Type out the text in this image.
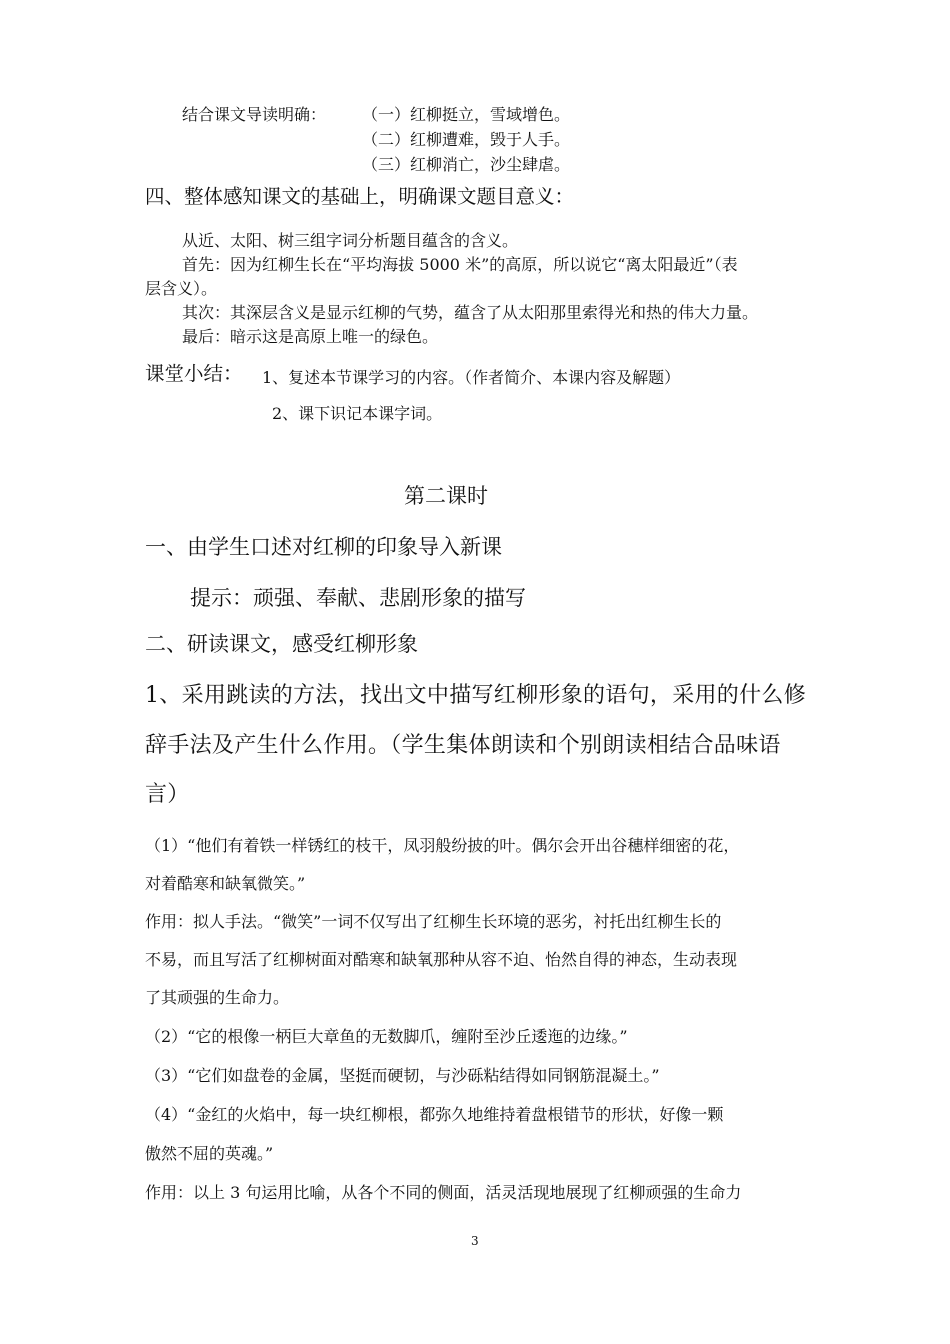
结合课文导读明确： （一）红柳挺立，雪域增色。
（二）红柳遭难，毁于人手。
（三）红柳消亡，沙尘肆虐。
四、整体感知课文的基础上，明确课文题目意义：
从近、太阳、树三组字词分析题目蕴含的含义。
首先：因为红柳生长在“平均海拔 5000 米”的高原，所以说它“离太阳最近”（表
层含义）。
其次：其深层含义是显示红柳的气势，蕴含了从太阳那里索得光和热的伟大力量。
最后：暗示这是高原上唯一的绿色。
课堂小结： 1、复述本节课学习的内容。（作者简介、本课内容及解题）
2、课下识记本课字词。
第二课时
一、由学生口述对红柳的印象导入新课
提示：顽强、奉献、悲剧形象的描写
二、研读课文，感受红柳形象
1、采用跳读的方法，找出文中描写红柳形象的语句，采用的什么修
辞手法及产生什么作用。（学生集体朗读和个别朗读相结合品味语
言）
（1）“他们有着铁一样锈红的枝干，凤羽般纷披的叶。偶尔会开出谷穗样细密的花，
对着酷寒和缺氧微笑。”
作用：拟人手法。“微笑”一词不仅写出了红柳生长环境的恶劣，衬托出红柳生长的
不易，而且写活了红柳树面对酷寒和缺氧那种从容不迫、怡然自得的神态，生动表现
了其顽强的生命力。
（2）“它的根像一柄巨大章鱼的无数脚爪，缠附至沙丘逶迤的边缘。”
（3）“它们如盘卷的金属，坚挺而硬韧，与沙砾粘结得如同钢筋混凝土。”
（4）“金红的火焰中，每一块红柳根，都弥久地维持着盘根错节的形状，好像一颗
傲然不屈的英魂。”
作用：以上 3 句运用比喻，从各个不同的侧面，活灵活现地展现了红柳顽强的生命力
3
